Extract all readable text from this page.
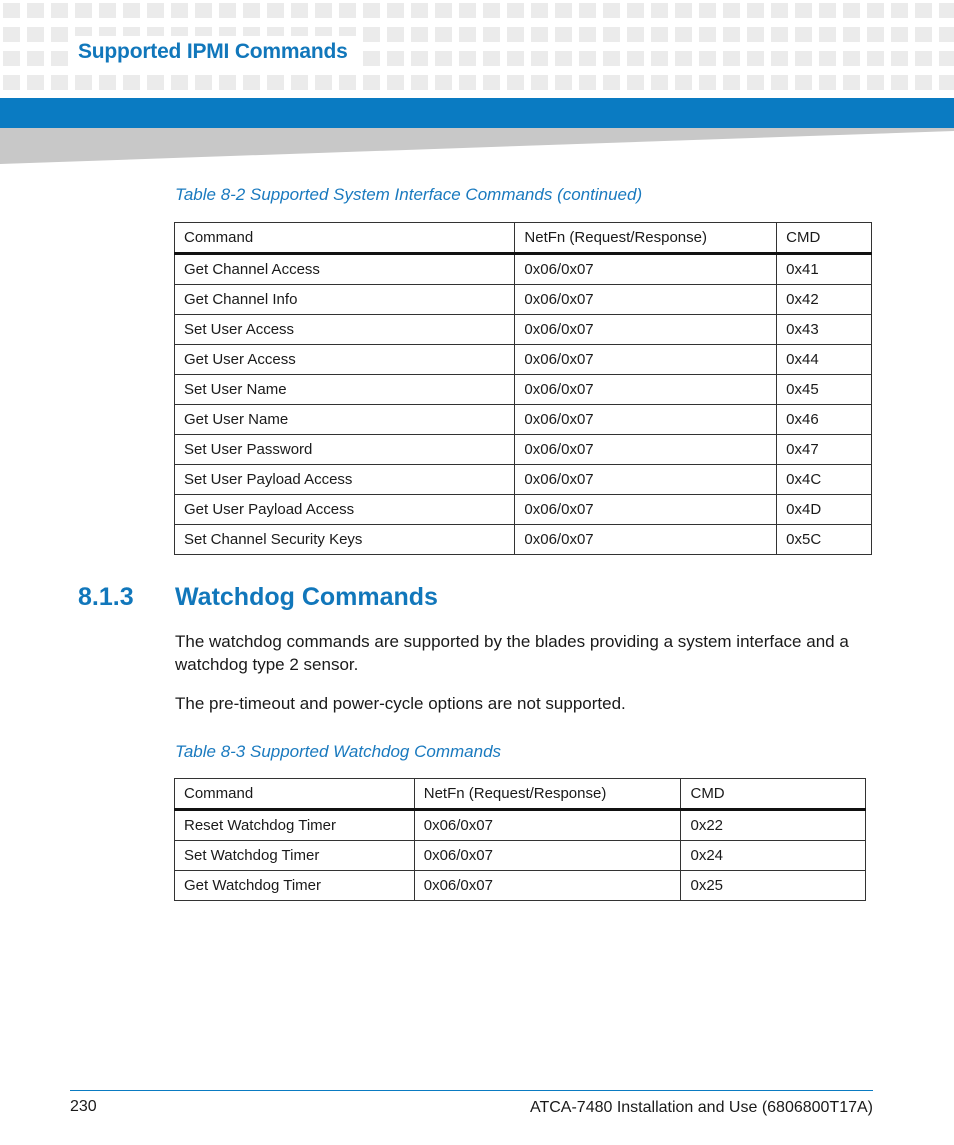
Supported IPMI Commands
Table 8-2 Supported System Interface Commands (continued)
Command	NetFn (Request/Response)	CMD
Get Channel Access	0x06/0x07	0x41
Get Channel Info	0x06/0x07	0x42
Set User Access	0x06/0x07	0x43
Get User Access	0x06/0x07	0x44
Set User Name	0x06/0x07	0x45
Get User Name	0x06/0x07	0x46
Set User Password	0x06/0x07	0x47
Set User Payload Access	0x06/0x07	0x4C
Get User Payload Access	0x06/0x07	0x4D
Set Channel Security Keys	0x06/0x07	0x5C
8.1.3 Watchdog Commands
The watchdog commands are supported by the blades providing a system interface and a watchdog type 2 sensor.
The pre-timeout and power-cycle options are not supported.
Table 8-3 Supported Watchdog Commands
Command	NetFn (Request/Response)	CMD
Reset Watchdog Timer	0x06/0x07	0x22
Set Watchdog Timer	0x06/0x07	0x24
Get Watchdog Timer	0x06/0x07	0x25
230	ATCA-7480 Installation and Use (6806800T17A)
